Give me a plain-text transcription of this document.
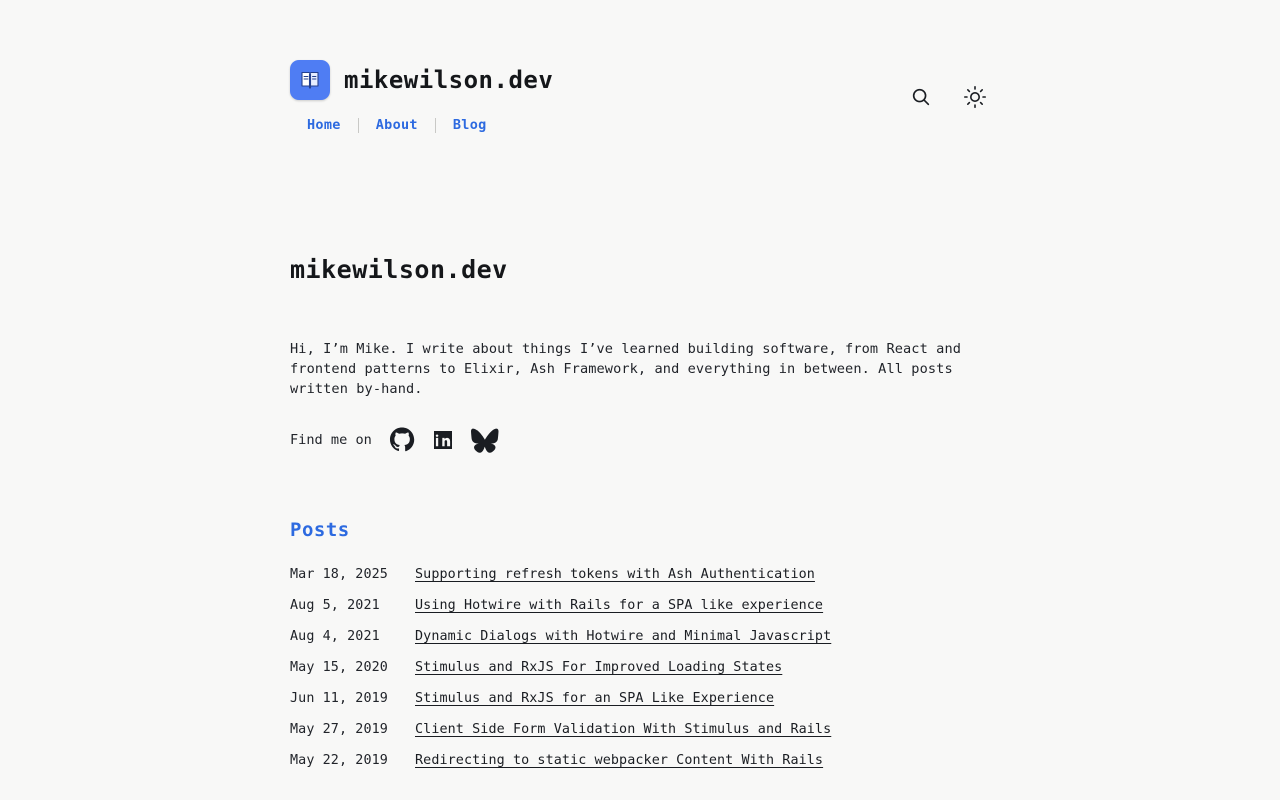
mikewilson.dev
Home	About	Blog
mikewilson.dev

Hi, I’m Mike. I write about things I’ve learned building software, from React and frontend patterns to Elixir, Ash Framework, and everything in between. All posts written by-hand.

Find me on
Posts
Mar 18, 2025	Supporting refresh tokens with Ash Authentication
Aug 5, 2021	Using Hotwire with Rails for a SPA like experience
Aug 4, 2021	Dynamic Dialogs with Hotwire and Minimal Javascript
May 15, 2020	Stimulus and RxJS For Improved Loading States
Jun 11, 2019	Stimulus and RxJS for an SPA Like Experience
May 27, 2019	Client Side Form Validation With Stimulus and Rails
May 22, 2019	Redirecting to static webpacker Content With Rails
